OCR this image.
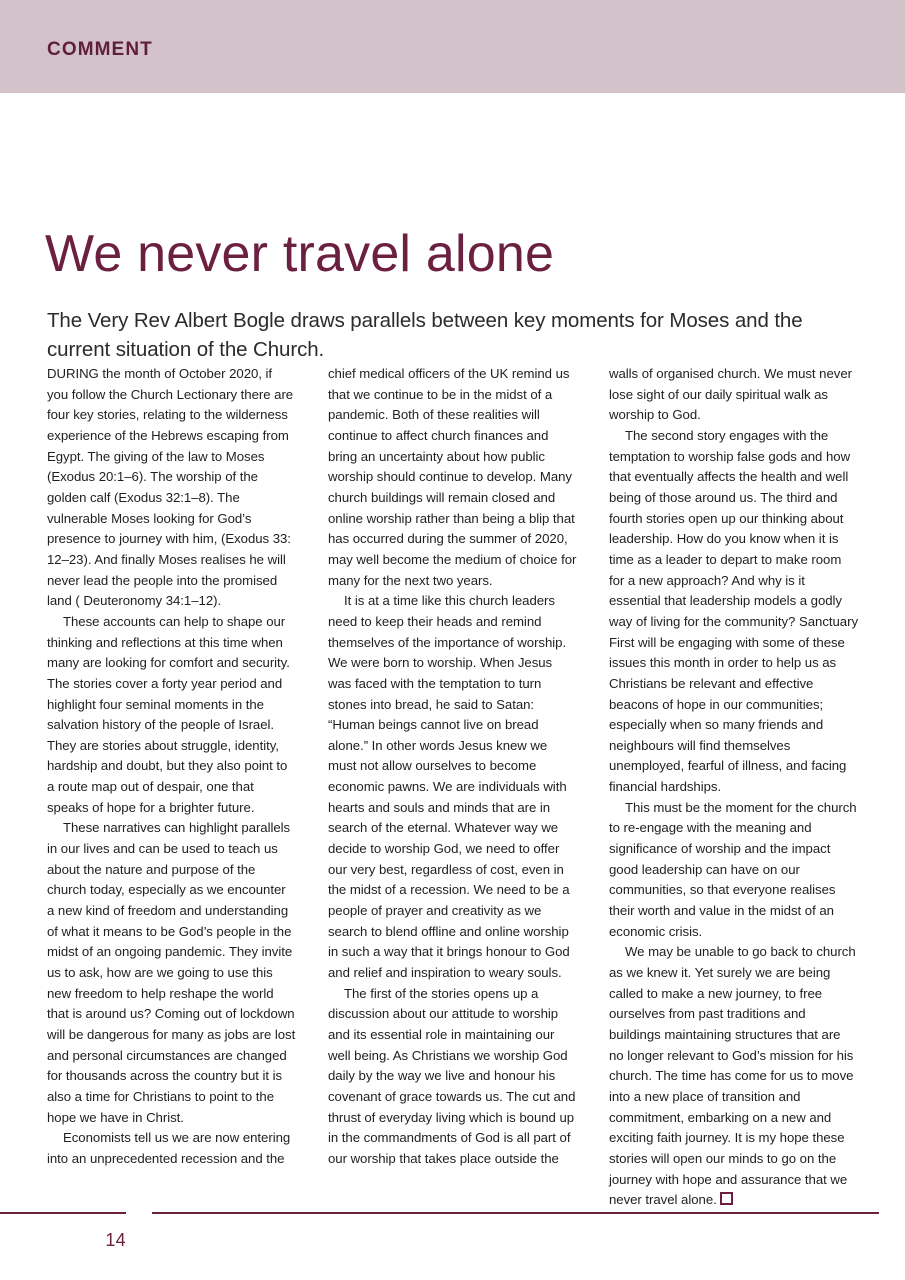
COMMENT
We never travel alone

The Very Rev Albert Bogle draws parallels between key moments for Moses and the current situation of the Church.

DURING the month of October 2020, if you follow the Church Lectionary there are four key stories, relating to the wilderness experience of the Hebrews escaping from Egypt. The giving of the law to Moses (Exodus 20:1–6). The worship of the golden calf (Exodus 32:1–8). The vulnerable Moses looking for God’s presence to journey with him, (Exodus 33: 12–23). And finally Moses realises he will never lead the people into the promised land ( Deuteronomy 34:1–12).

These accounts can help to shape our thinking and reflections at this time when many are looking for comfort and security. The stories cover a forty year period and highlight four seminal moments in the salvation history of the people of Israel. They are stories about struggle, identity, hardship and doubt, but they also point to a route map out of despair, one that speaks of hope for a brighter future.

These narratives can highlight parallels in our lives and can be used to teach us about the nature and purpose of the church today, especially as we encounter a new kind of freedom and understanding of what it means to be God’s people in the midst of an ongoing pandemic. They invite us to ask, how are we going to use this new freedom to help reshape the world that is around us? Coming out of lockdown will be dangerous for many as jobs are lost and personal circumstances are changed for thousands across the country but it is also a time for Christians to point to the hope we have in Christ.

Economists tell us we are now entering into an unprecedented recession and the

chief medical officers of the UK remind us that we continue to be in the midst of a pandemic. Both of these realities will continue to affect church finances and bring an uncertainty about how public worship should continue to develop. Many church buildings will remain closed and online worship rather than being a blip that has occurred during the summer of 2020, may well become the medium of choice for many for the next two years.

It is at a time like this church leaders need to keep their heads and remind themselves of the importance of worship. We were born to worship. When Jesus was faced with the temptation to turn stones into bread, he said to Satan: “Human beings cannot live on bread alone.” In other words Jesus knew we must not allow ourselves to become economic pawns. We are individuals with hearts and souls and minds that are in search of the eternal. Whatever way we decide to worship God, we need to offer our very best, regardless of cost, even in the midst of a recession. We need to be a people of prayer and creativity as we search to blend offline and online worship in such a way that it brings honour to God and relief and inspiration to weary souls.

The first of the stories opens up a discussion about our attitude to worship and its essential role in maintaining our well being. As Christians we worship God daily by the way we live and honour his covenant of grace towards us. The cut and thrust of everyday living which is bound up in the commandments of God is all part of our worship that takes place outside the

walls of organised church. We must never lose sight of our daily spiritual walk as worship to God.

The second story engages with the temptation to worship false gods and how that eventually affects the health and well being of those around us. The third and fourth stories open up our thinking about leadership. How do you know when it is time as a leader to depart to make room for a new approach? And why is it essential that leadership models a godly way of living for the community? Sanctuary First will be engaging with some of these issues this month in order to help us as Christians be relevant and effective beacons of hope in our communities; especially when so many friends and neighbours will find themselves unemployed, fearful of illness, and facing financial hardships.

This must be the moment for the church to re-engage with the meaning and significance of worship and the impact good leadership can have on our communities, so that everyone realises their worth and value in the midst of an economic crisis.

We may be unable to go back to church as we knew it. Yet surely we are being called to make a new journey, to free ourselves from past traditions and buildings maintaining structures that are no longer relevant to God’s mission for his church. The time has come for us to move into a new place of transition and commitment, embarking on a new and exciting faith journey. It is my hope these stories will open our minds to go on the journey with hope and assurance that we never travel alone.

14
